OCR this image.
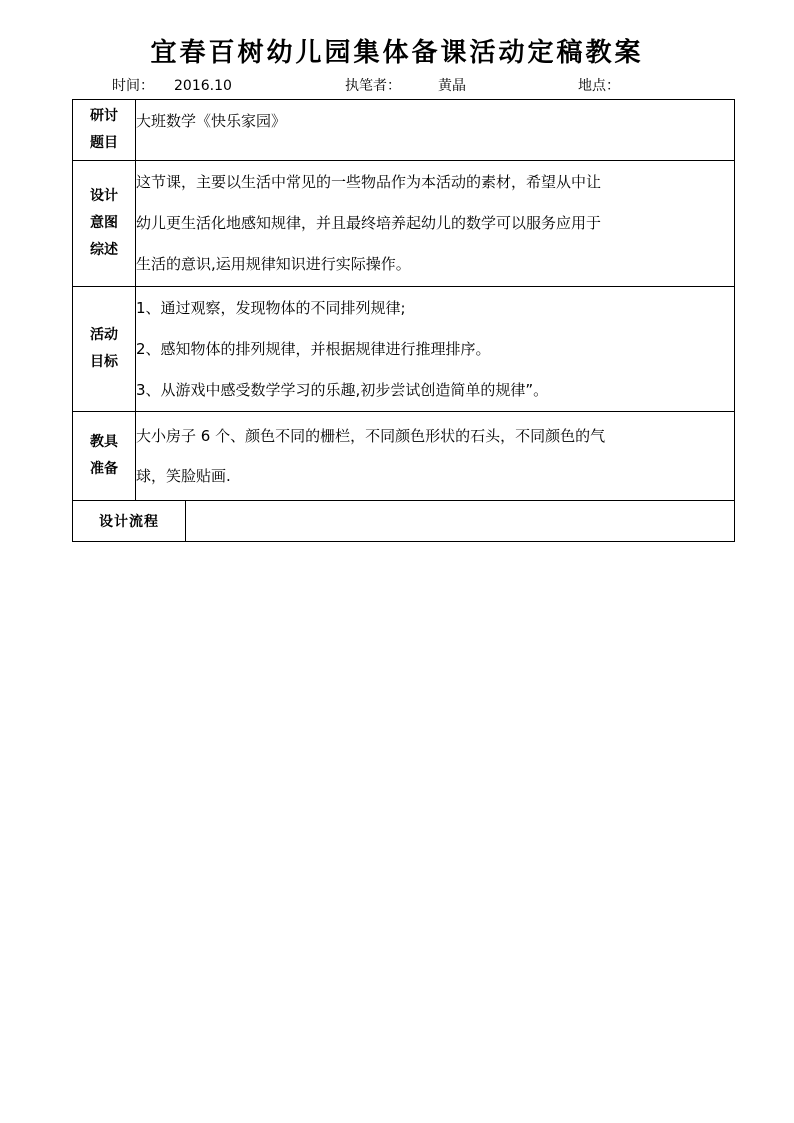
宜春百树幼儿园集体备课活动定稿教案
时间： 2016.10	执笔者：	黄晶	地点：
研讨
题目	大班数学《快乐家园》	

设计
意图
综述	这节课，主要以生活中常见的一些物品作为本活动的素材，希望从中让
幼儿更生活化地感知规律，并且最终培养起幼儿的数学可以服务应用于
生活的意识,运用规律知识进行实际操作。	

活动
目标	1、通过观察，发现物体的不同排列规律;
2、感知物体的排列规律，并根据规律进行推理排序。
3、从游戏中感受数学学习的乐趣,初步尝试创造简单的规律”。	

教具
准备	大小房子 6 个、颜色不同的栅栏，不同颜色形状的石头，不同颜色的气
球，笑脸贴画.	

设计流程		
